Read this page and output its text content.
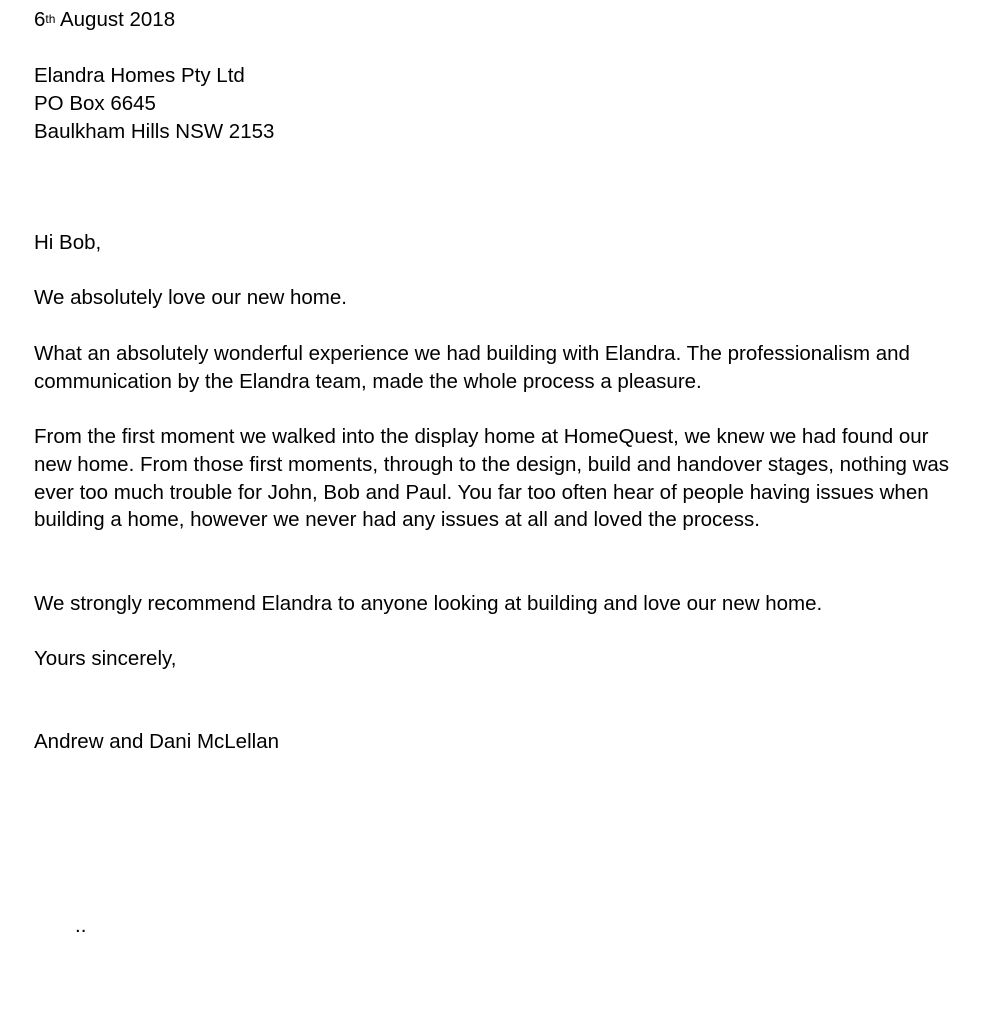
6th August 2018
Elandra Homes Pty Ltd
PO Box 6645
Baulkham Hills NSW 2153
Hi Bob,
We absolutely love our new home.
What an absolutely wonderful experience we had building with Elandra. The professionalism and communication by the Elandra team, made the whole process a pleasure.
From the first moment we walked into the display home at HomeQuest, we knew we had found our new home. From those first moments, through to the design, build and handover stages, nothing was ever too much trouble for John, Bob and Paul. You far too often hear of people having issues when building a home, however we never had any issues at all and loved the process.
We strongly recommend Elandra to anyone looking at building and love our new home.
Yours sincerely,
Andrew and Dani McLellan
..
